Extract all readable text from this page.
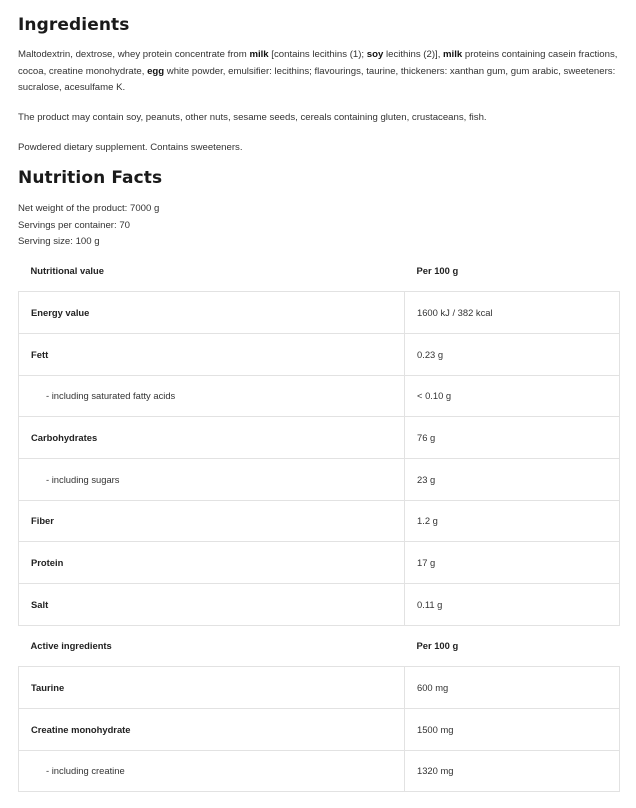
Ingredients

Maltodextrin, dextrose, whey protein concentrate from milk [contains lecithins (1); soy lecithins (2)], milk proteins containing casein fractions, cocoa, creatine monohydrate, egg white powder, emulsifier: lecithins; flavourings, taurine, thickeners: xanthan gum, gum arabic, sweeteners: sucralose, acesulfame K.

The product may contain soy, peanuts, other nuts, sesame seeds, cereals containing gluten, crustaceans, fish.

Powdered dietary supplement. Contains sweeteners.

Nutrition Facts
Net weight of the product: 7000 g
Servings per container: 70
Serving size: 100 g
Nutritional value	Per 100 g
Energy value	1600 kJ / 382 kcal
Fett	0.23 g
- including saturated fatty acids	< 0.10 g
Carbohydrates	76 g
- including sugars	23 g
Fiber	1.2 g
Protein	17 g
Salt	0.11 g
Active ingredients	Per 100 g
Taurine	600 mg
Creatine monohydrate	1500 mg
- including creatine	1320 mg
